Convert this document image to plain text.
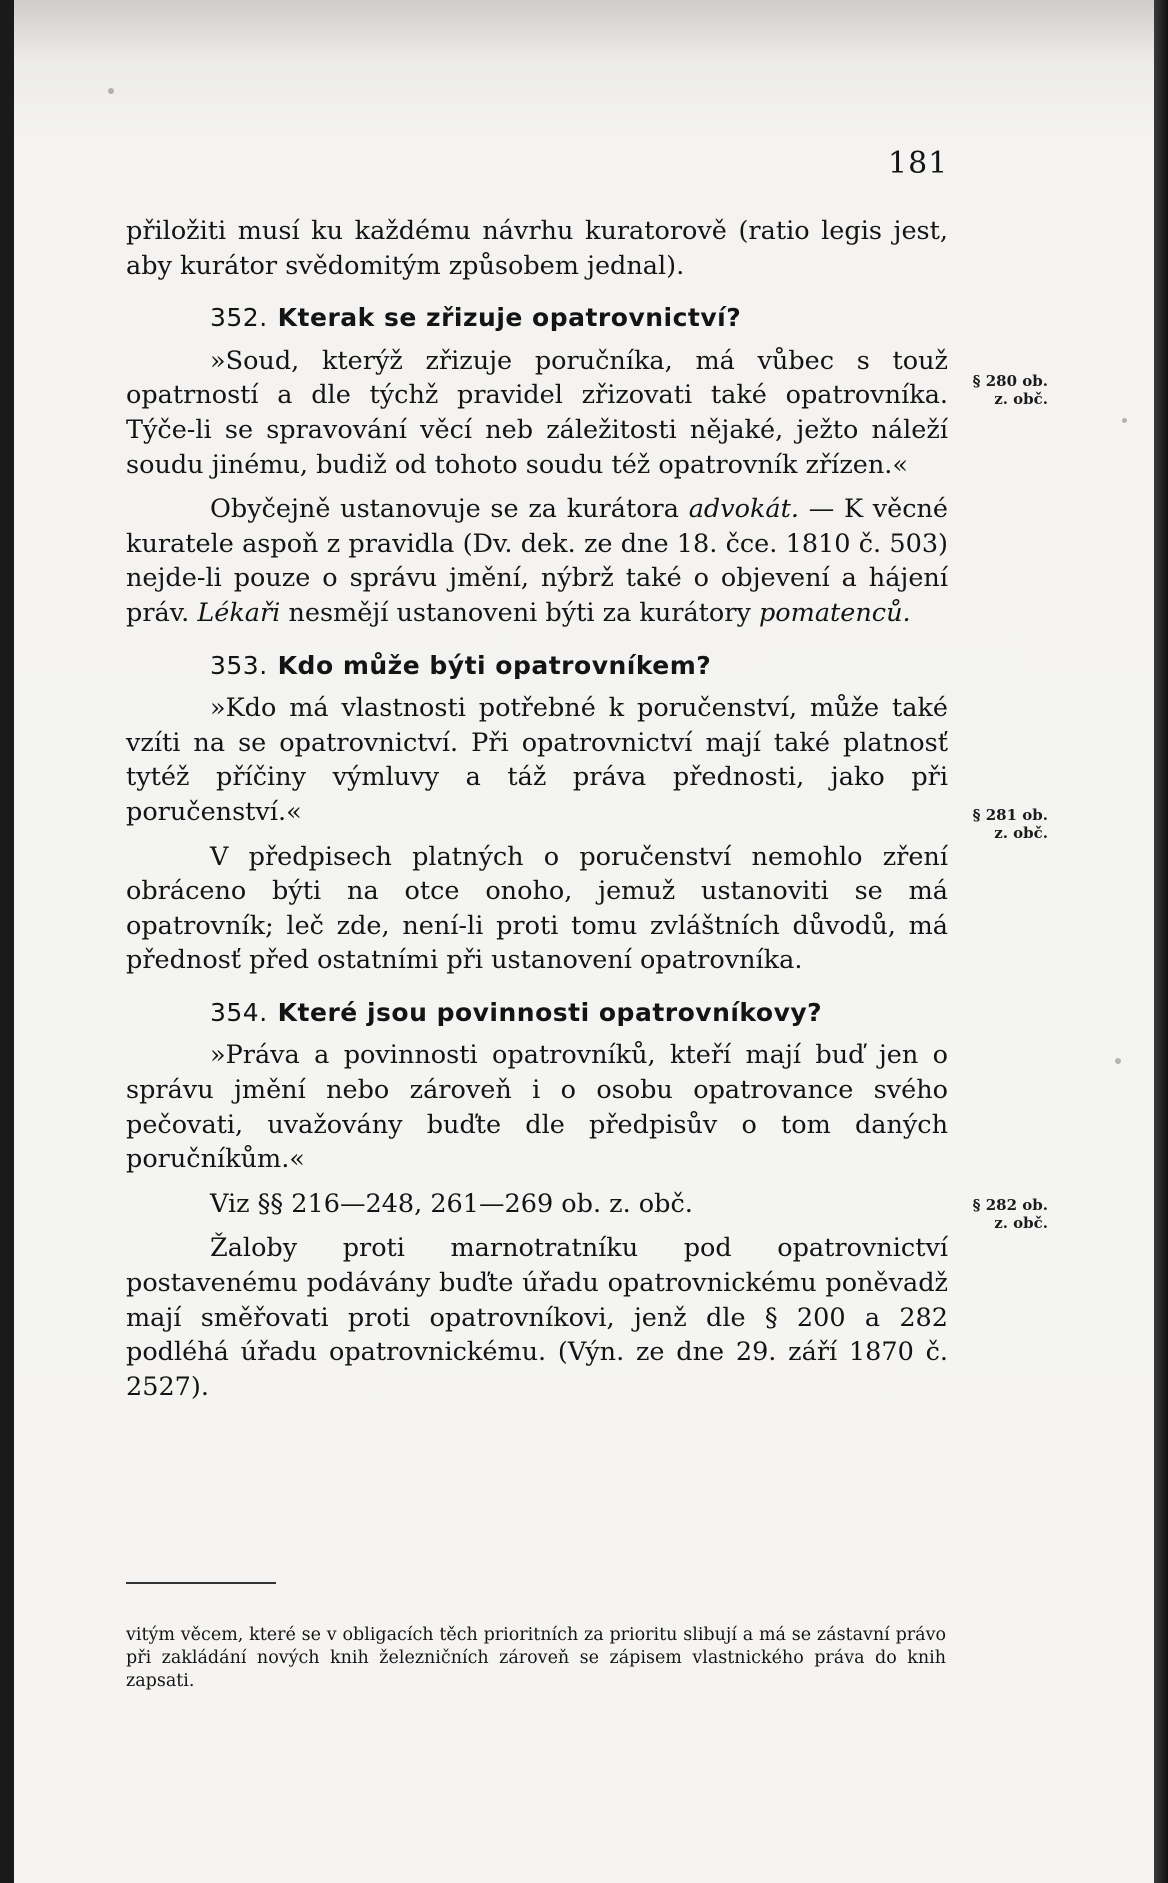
181

přiložiti musí ku každému návrhu kuratorově (ratio legis jest, aby kurátor svědomitým způsobem jednal).

352. Kterak se zřizuje opatrovnictví?

»Soud, kterýž zřizuje poručníka, má vůbec s touž opatrností a dle týchž pravidel zřizovati také opatrovníka. Týče-li se spravování věcí neb záležitosti nějaké, ježto náleží soudu jinému, budiž od tohoto soudu též opatrovník zřízen.«

Obyčejně ustanovuje se za kurátora advokát. — K věcné kuratele aspoň z pravidla (Dv. dek. ze dne 18. čce. 1810 č. 503) nejde-li pouze o správu jmění, nýbrž také o objevení a hájení práv. Lékaři nesmějí ustanoveni býti za kurátory pomatenců.

353. Kdo může býti opatrovníkem?

»Kdo má vlastnosti potřebné k poručenství, může také vzíti na se opatrovnictví. Při opatrovnictví mají také platnosť tytéž příčiny výmluvy a táž práva přednosti, jako při poručenství.«

V předpisech platných o poručenství nemohlo zření obráceno býti na otce onoho, jemuž ustanoviti se má opatrovník; leč zde, není-li proti tomu zvláštních důvodů, má přednosť před ostatními při ustanovení opatrovníka.

354. Které jsou povinnosti opatrovníkovy?

»Práva a povinnosti opatrovníků, kteří mají buď jen o správu jmění nebo zároveň i o osobu opatrovance svého pečovati, uvažovány buďte dle předpisův o tom daných poručníkům.«

Viz §§ 216—248, 261—269 ob. z. obč.

Žaloby proti marnotratníku pod opatrovnictví postavenému podávány buďte úřadu opatrovnickému poněvadž mají směřovati proti opatrovníkovi, jenž dle § 200 a 282 podléhá úřadu opatrovnickému. (Výn. ze dne 29. září 1870 č. 2527).

§ 280 ob.
z. obč.
§ 281 ob.
z. obč.
§ 282 ob.
z. obč.

vitým věcem, které se v obligacích těch prioritních za prioritu slibují a má se zástavní právo při zakládání nových knih železničních zároveň se zápisem vlastnického práva do knih zapsati.
